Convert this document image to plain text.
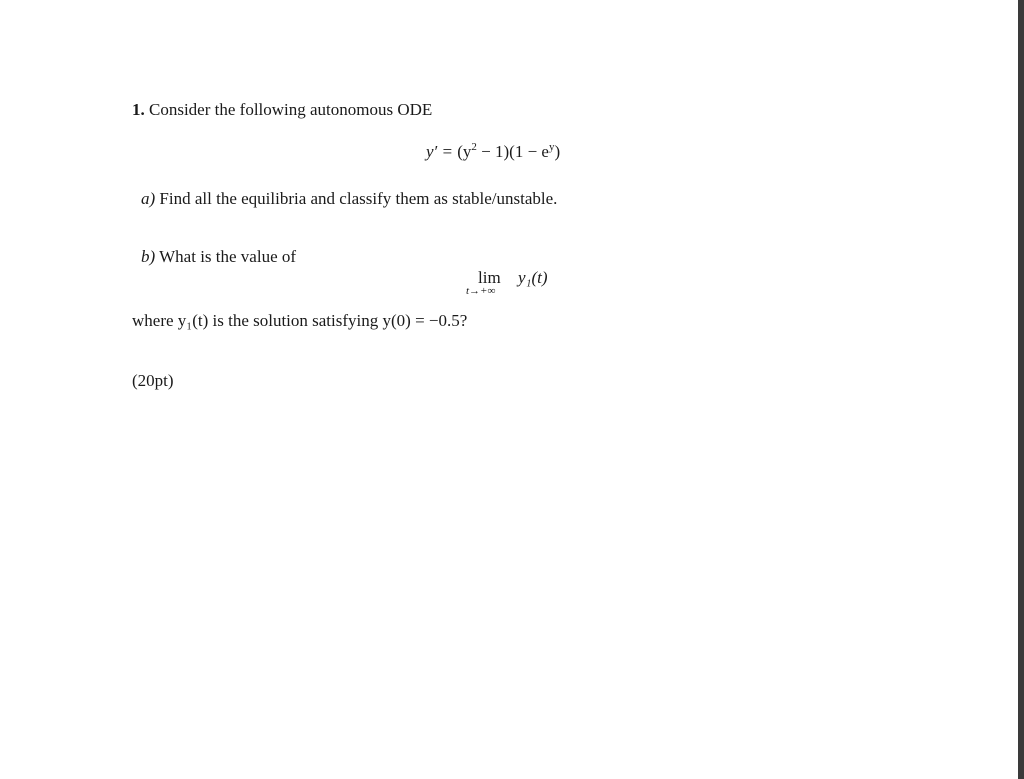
1. Consider the following autonomous ODE
$y' = (y^2 - 1)(1 - e^y)$
a) Find all the equilibria and classify them as stable/unstable.
b) What is the value of
lim
t→+∞
y₁(t)
where y₁(t) is the solution satisfying y(0) = −0.5?
(20pt)
